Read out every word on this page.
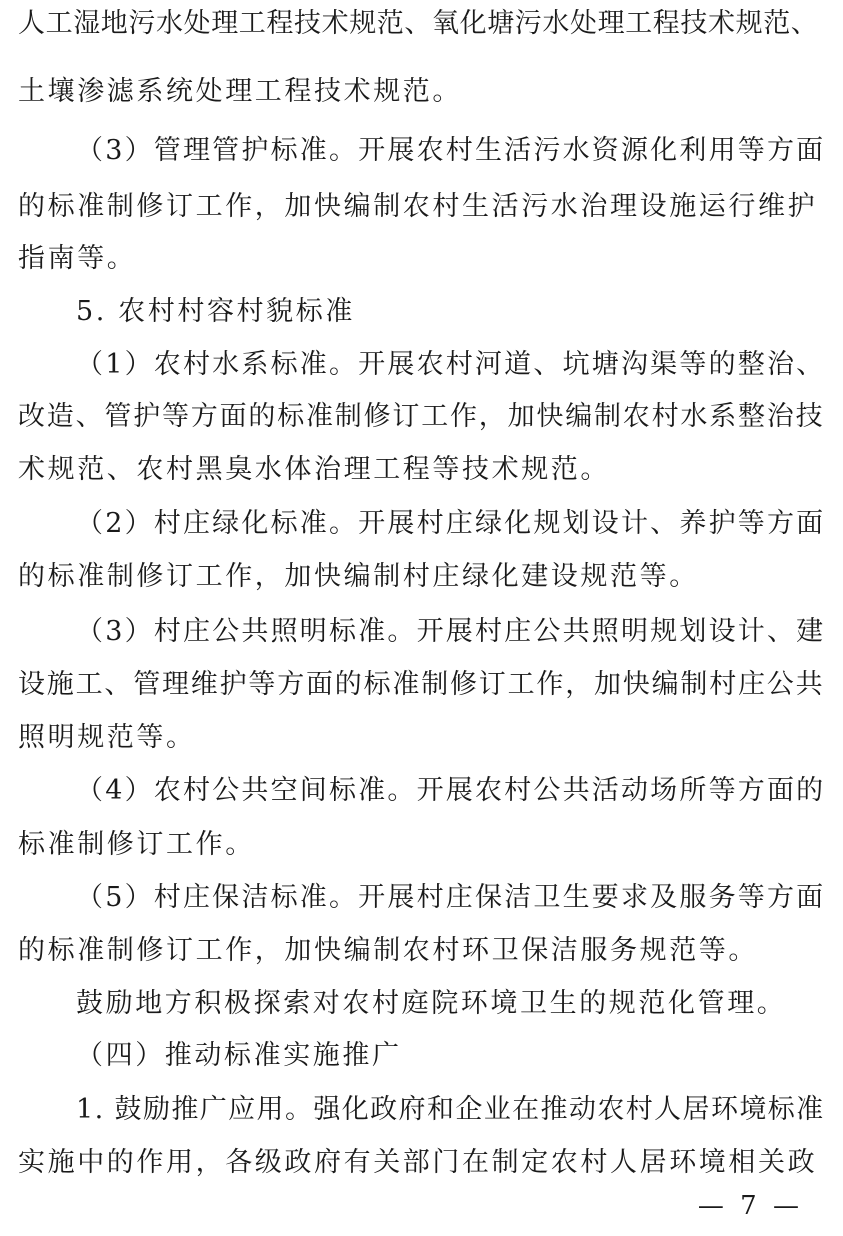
人工湿地污水处理工程技术规范、氧化塘污水处理工程技术规范、
土壤渗滤系统处理工程技术规范。
（3）管理管护标准。开展农村生活污水资源化利用等方面
的标准制修订工作，加快编制农村生活污水治理设施运行维护
指南等。
5. 农村村容村貌标准
（1）农村水系标准。开展农村河道、坑塘沟渠等的整治、
改造、管护等方面的标准制修订工作，加快编制农村水系整治技
术规范、农村黑臭水体治理工程等技术规范。
（2）村庄绿化标准。开展村庄绿化规划设计、养护等方面
的标准制修订工作，加快编制村庄绿化建设规范等。
（3）村庄公共照明标准。开展村庄公共照明规划设计、建
设施工、管理维护等方面的标准制修订工作，加快编制村庄公共
照明规范等。
（4）农村公共空间标准。开展农村公共活动场所等方面的
标准制修订工作。
（5）村庄保洁标准。开展村庄保洁卫生要求及服务等方面
的标准制修订工作，加快编制农村环卫保洁服务规范等。
鼓励地方积极探索对农村庭院环境卫生的规范化管理。
（四）推动标准实施推广
1. 鼓励推广应用。强化政府和企业在推动农村人居环境标准
实施中的作用，各级政府有关部门在制定农村人居环境相关政
— 7 —
